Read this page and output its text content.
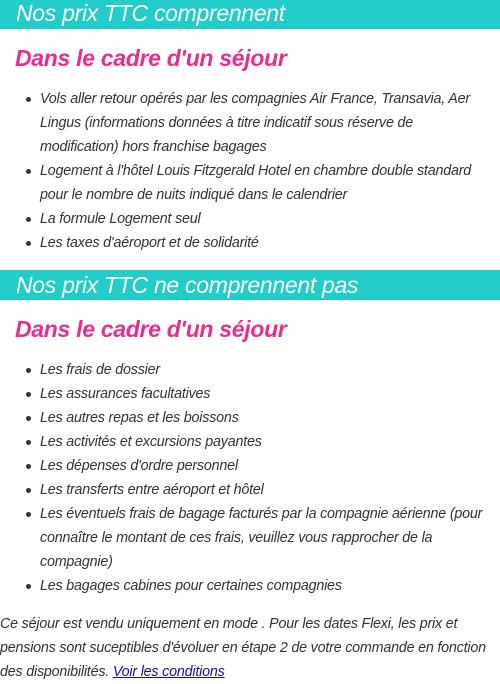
Nos prix TTC comprennent
Dans le cadre d'un séjour
Vols aller retour opérés par les compagnies Air France, Transavia, Aer Lingus (informations données à titre indicatif sous réserve de modification) hors franchise bagages
Logement à l'hôtel Louis Fitzgerald Hotel en chambre double standard pour le nombre de nuits indiqué dans le calendrier
La formule Logement seul
Les taxes d'aéroport et de solidarité
Nos prix TTC ne comprennent pas
Dans le cadre d'un séjour
Les frais de dossier
Les assurances facultatives
Les autres repas et les boissons
Les activités et excursions payantes
Les dépenses d'ordre personnel
Les transferts entre aéroport et hôtel
Les éventuels frais de bagage facturés par la compagnie aérienne (pour connaître le montant de ces frais, veuillez vous rapprocher de la compagnie)
Les bagages cabines pour certaines compagnies

Ce séjour est vendu uniquement en mode . Pour les dates Flexi, les prix et pensions sont suceptibles d'évoluer en étape 2 de votre commande en fonction des disponibilités. Voir les conditions
